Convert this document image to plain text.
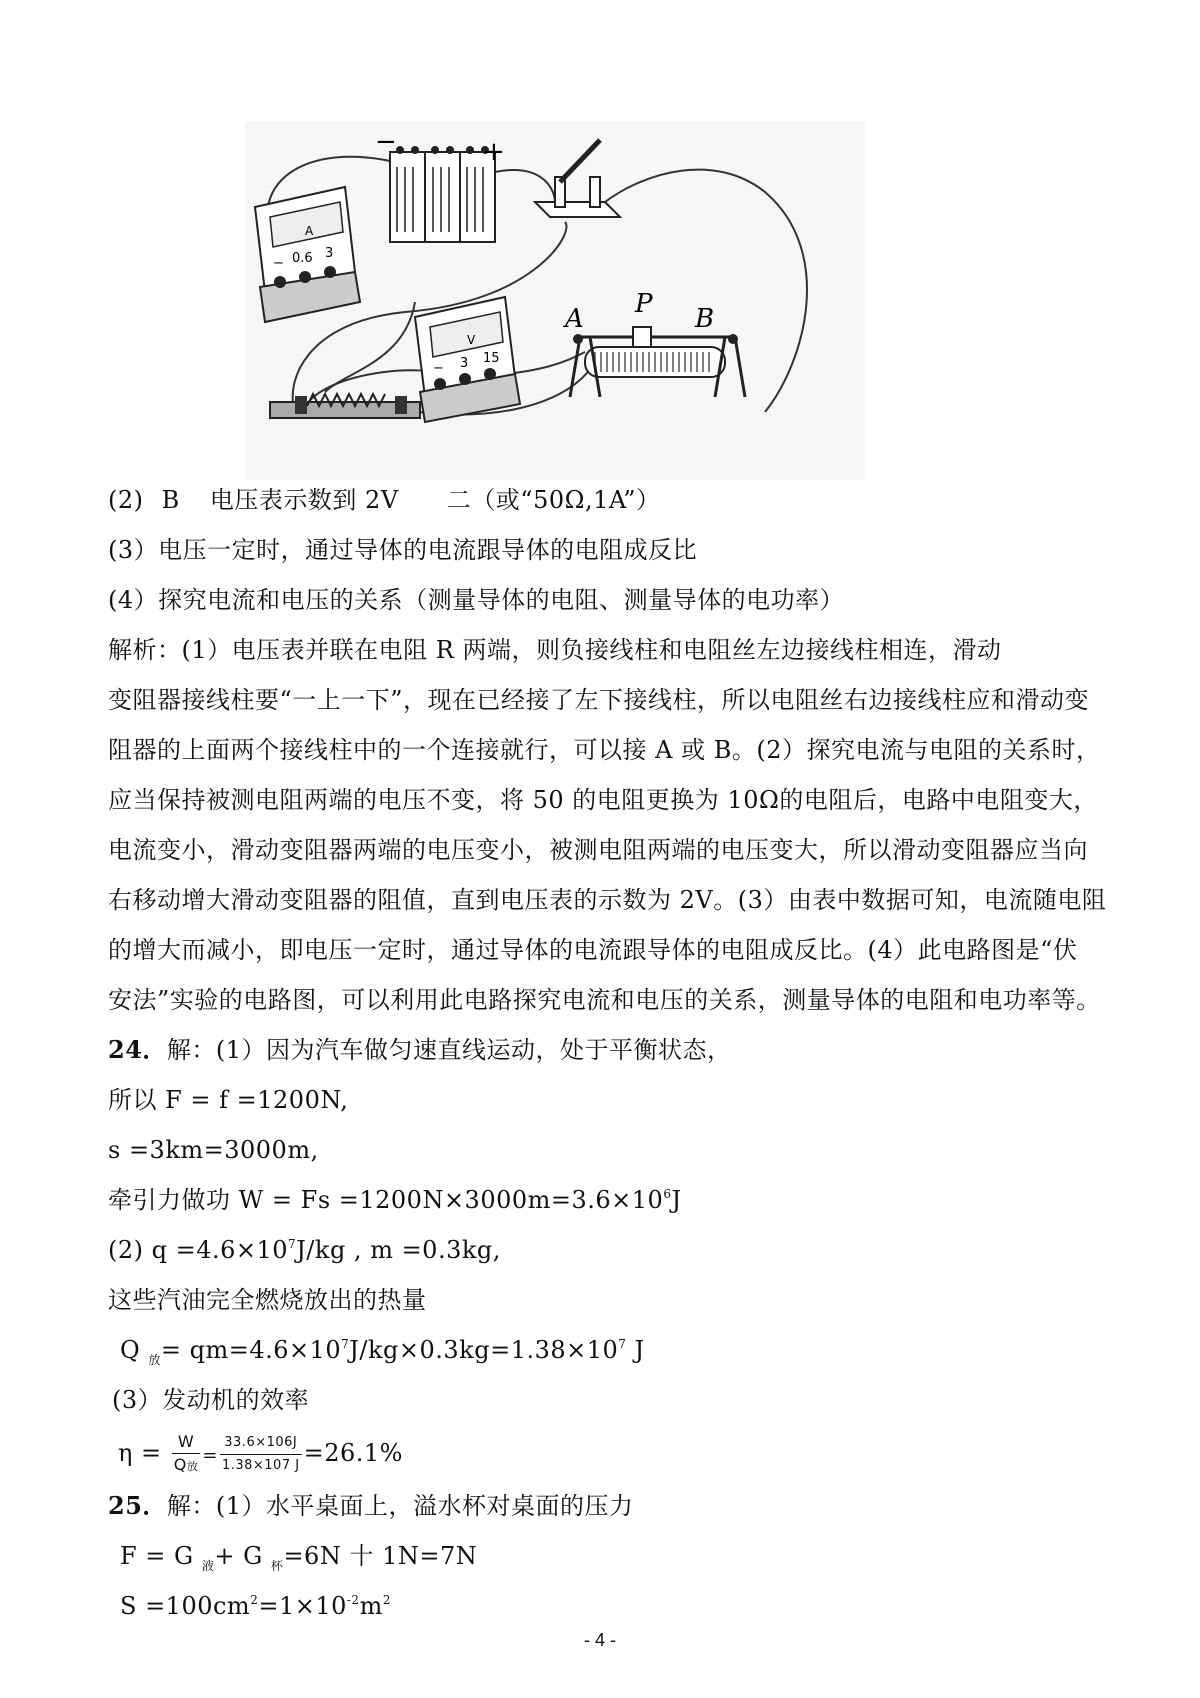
−	+
A
− 0.6 3
V
− 3 15
A P B
(2) B 电压表示数到 2V 二（或“50Ω,1A”）
(3）电压一定时，通过导体的电流跟导体的电阻成反比
(4）探究电流和电压的关系（测量导体的电阻、测量导体的电功率）
解析：(1）电压表并联在电阻 R 两端，则负接线柱和电阻丝左边接线柱相连，滑动
变阻器接线柱要“一上一下”，现在已经接了左下接线柱，所以电阻丝右边接线柱应和滑动变
阻器的上面两个接线柱中的一个连接就行，可以接 A 或 B。(2）探究电流与电阻的关系时，
应当保持被测电阻两端的电压不变，将 50 的电阻更换为 10Ω的电阻后，电路中电阻变大，
电流变小，滑动变阻器两端的电压变小，被测电阻两端的电压变大，所以滑动变阻器应当向
右移动增大滑动变阻器的阻值，直到电压表的示数为 2V。(3）由表中数据可知，电流随电阻
的增大而减小，即电压一定时，通过导体的电流跟导体的电阻成反比。(4）此电路图是“伏
安法”实验的电路图，可以利用此电路探究电流和电压的关系，测量导体的电阻和电功率等。
24．解：(1）因为汽车做匀速直线运动，处于平衡状态，
所以 F = f =1200N,
s =3km=3000m,
牵引力做功 $W = Fs =1200N\times 3000m=3.6\times 10^6J$
(2) $q =4.6\times 10^7J/kg$ , m =0.3kg,
这些汽油完全燃烧放出的热量
Q $_放= qm=4.6\times 10^7J/kg\times 0.3kg=1.38\times 10^7$ J
(3）发动机的效率
$\eta = \frac{W}{\text{Q放}} = \frac{33.6\times 106J}{1.38\times 107 J} =26.1\%$
25．解：(1）水平桌面上，溢水杯对桌面的压力
F = G $_液$+ G $_杯$=6N 十 1N=7N
$S =100cm^2=1\times 10^{-2}m^2$
- 4 -
